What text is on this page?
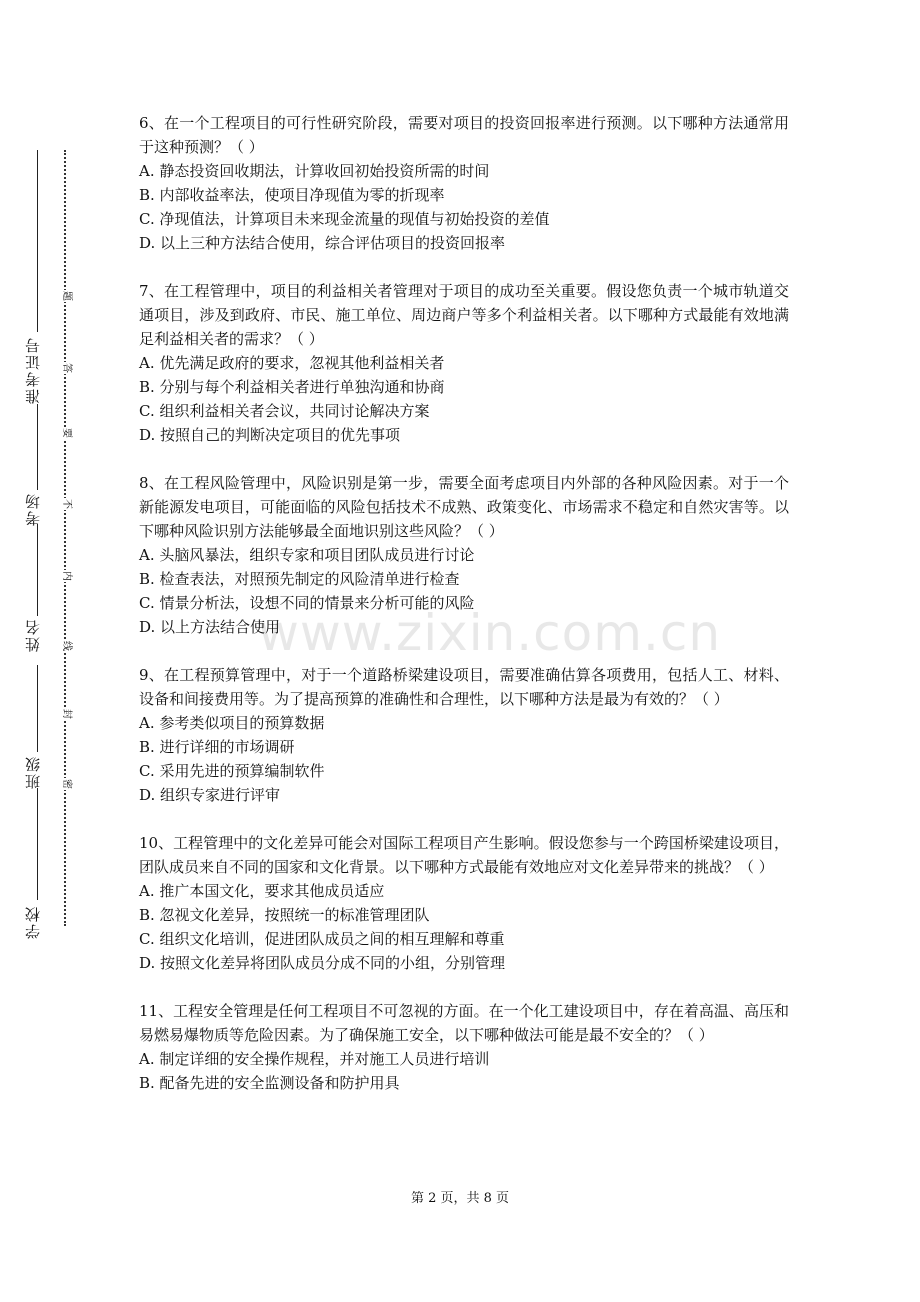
准考证号
考场
姓名
班级
学校
题
答
要
不
内
线
封
密
www.zixin.com.cn

6、在一个工程项目的可行性研究阶段，需要对项目的投资回报率进行预测。以下哪种方法通常用于这种预测？（ ）

A. 静态投资回收期法，计算收回初始投资所需的时间

B. 内部收益率法，使项目净现值为零的折现率

C. 净现值法，计算项目未来现金流量的现值与初始投资的差值

D. 以上三种方法结合使用，综合评估项目的投资回报率

7、在工程管理中，项目的利益相关者管理对于项目的成功至关重要。假设您负责一个城市轨道交通项目，涉及到政府、市民、施工单位、周边商户等多个利益相关者。以下哪种方式最能有效地满足利益相关者的需求？（ ）

A. 优先满足政府的要求，忽视其他利益相关者

B. 分别与每个利益相关者进行单独沟通和协商

C. 组织利益相关者会议，共同讨论解决方案

D. 按照自己的判断决定项目的优先事项

8、在工程风险管理中，风险识别是第一步，需要全面考虑项目内外部的各种风险因素。对于一个新能源发电项目，可能面临的风险包括技术不成熟、政策变化、市场需求不稳定和自然灾害等。以下哪种风险识别方法能够最全面地识别这些风险？（ ）

A. 头脑风暴法，组织专家和项目团队成员进行讨论

B. 检查表法，对照预先制定的风险清单进行检查

C. 情景分析法，设想不同的情景来分析可能的风险

D. 以上方法结合使用

9、在工程预算管理中，对于一个道路桥梁建设项目，需要准确估算各项费用，包括人工、材料、设备和间接费用等。为了提高预算的准确性和合理性，以下哪种方法是最为有效的？（ ）

A. 参考类似项目的预算数据

B. 进行详细的市场调研

C. 采用先进的预算编制软件

D. 组织专家进行评审

10、工程管理中的文化差异可能会对国际工程项目产生影响。假设您参与一个跨国桥梁建设项目，团队成员来自不同的国家和文化背景。以下哪种方式最能有效地应对文化差异带来的挑战？（ ）

A. 推广本国文化，要求其他成员适应

B. 忽视文化差异，按照统一的标准管理团队

C. 组织文化培训，促进团队成员之间的相互理解和尊重

D. 按照文化差异将团队成员分成不同的小组，分别管理

11、工程安全管理是任何工程项目不可忽视的方面。在一个化工建设项目中，存在着高温、高压和易燃易爆物质等危险因素。为了确保施工安全，以下哪种做法可能是最不安全的？（ ）

A. 制定详细的安全操作规程，并对施工人员进行培训

B. 配备先进的安全监测设备和防护用具

第 2 页，共 8 页
